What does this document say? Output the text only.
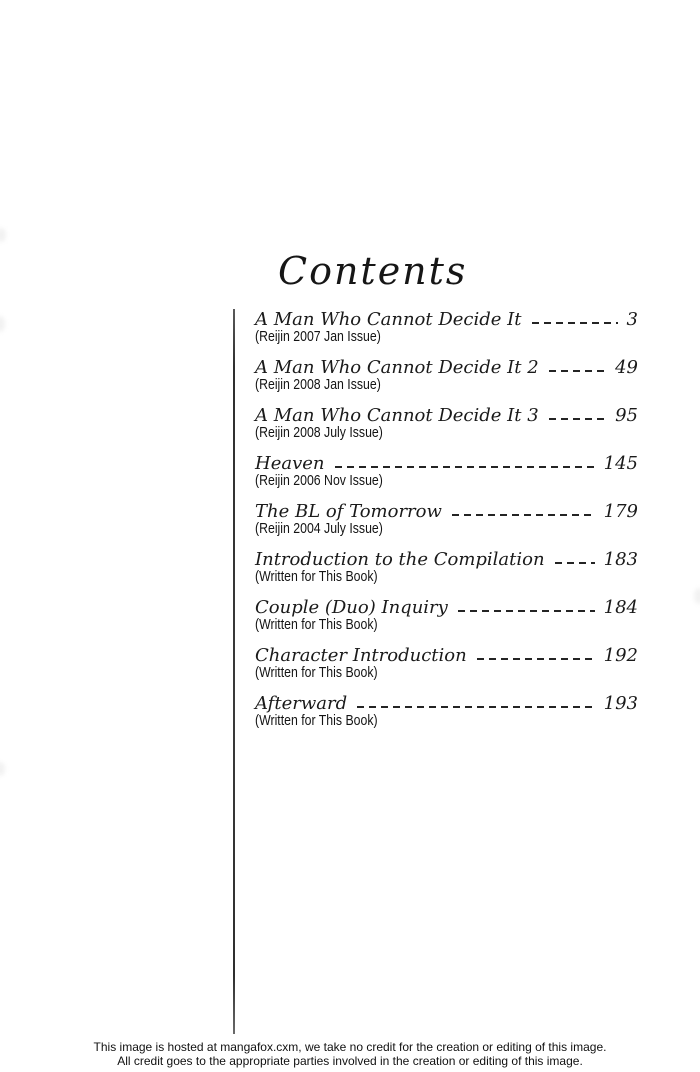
Contents
A Man Who Cannot Decide It	3
(Reijin 2007 Jan Issue)
A Man Who Cannot Decide It 2	49
(Reijin 2008 Jan Issue)
A Man Who Cannot Decide It 3	95
(Reijin 2008 July Issue)
Heaven	145
(Reijin 2006 Nov Issue)
The BL of Tomorrow	179
(Reijin 2004 July Issue)
Introduction to the Compilation	183
(Written for This Book)
Couple (Duo) Inquiry	184
(Written for This Book)
Character Introduction	192
(Written for This Book)
Afterward	193
(Written for This Book)
This image is hosted at mangafox.cxm, we take no credit for the creation or editing of this image.
All credit goes to the appropriate parties involved in the creation or editing of this image.
